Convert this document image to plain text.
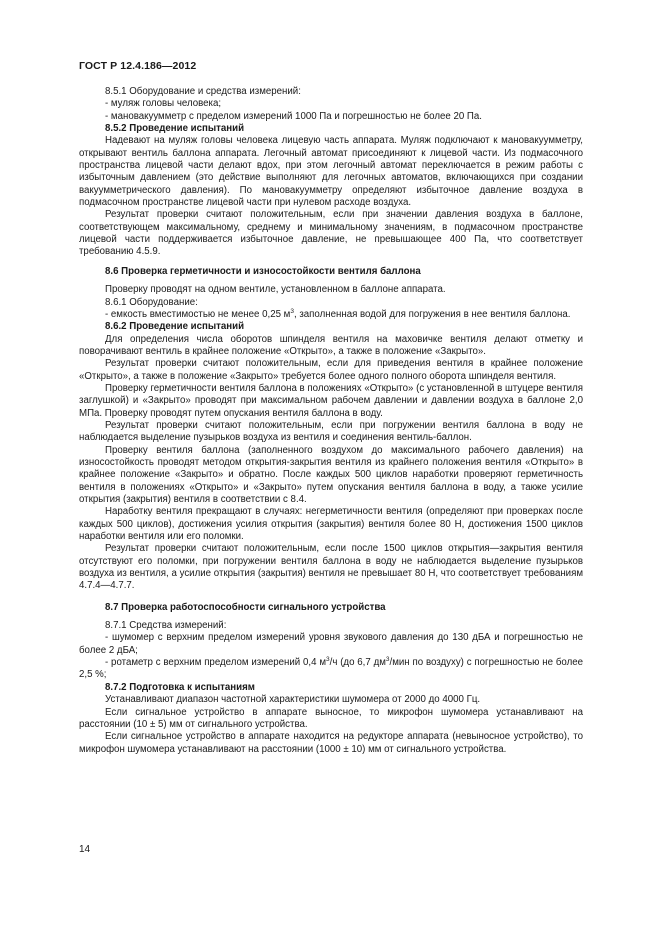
ГОСТ Р 12.4.186—2012

8.5.1 Оборудование и средства измерений:

- муляж головы человека;

- мановакуумметр с пределом измерений 1000 Па и погрешностью не более 20 Па.

8.5.2 Проведение испытаний

Надевают на муляж головы человека лицевую часть аппарата. Муляж подключают к мановакуумметру, открывают вентиль баллона аппарата. Легочный автомат присоединяют к лицевой части. Из подмасочного пространства лицевой части делают вдох, при этом легочный автомат переключается в режим работы с избыточным давлением (это действие выполняют для легочных автоматов, включающихся при создании вакуумметрического давления). По мановакуумметру определяют избыточное давление воздуха в подмасочном пространстве лицевой части при нулевом расходе воздуха.

Результат проверки считают положительным, если при значении давления воздуха в баллоне, соответствующем максимальному, среднему и минимальному значениям, в подмасочном пространстве лицевой части поддерживается избыточное давление, не превышающее 400 Па, что соответствует требованию 4.5.9.

8.6 Проверка герметичности и износостойкости вентиля баллона

Проверку проводят на одном вентиле, установленном в баллоне аппарата.

8.6.1 Оборудование:

- емкость вместимостью не менее 0,25 $м^3$, заполненная водой для погружения в нее вентиля баллона.

8.6.2 Проведение испытаний

Для определения числа оборотов шпинделя вентиля на маховичке вентиля делают отметку и поворачивают вентиль в крайнее положение «Открыто», а также в положение «Закрыто».

Результат проверки считают положительным, если для приведения вентиля в крайнее положение «Открыто», а также в положение «Закрыто» требуется более одного полного оборота шпинделя вентиля.

Проверку герметичности вентиля баллона в положениях «Открыто» (с установленной в штуцере вентиля заглушкой) и «Закрыто» проводят при максимальном рабочем давлении и давлении воздуха в баллоне 2,0 МПа. Проверку проводят путем опускания вентиля баллона в воду.

Результат проверки считают положительным, если при погружении вентиля баллона в воду не наблюдается выделение пузырьков воздуха из вентиля и соединения вентиль-баллон.

Проверку вентиля баллона (заполненного воздухом до максимального рабочего давления) на износостойкость проводят методом открытия-закрытия вентиля из крайнего положения вентиля «Открыто» в крайнее положение «Закрыто» и обратно. После каждых 500 циклов наработки проверяют герметичность вентиля в положениях «Открыто» и «Закрыто» путем опускания вентиля баллона в воду, а также усилие открытия (закрытия) вентиля в соответствии с 8.4.

Наработку вентиля прекращают в случаях: негерметичности вентиля (определяют при проверках после каждых 500 циклов), достижения усилия открытия (закрытия) вентиля более 80 Н, достижения 1500 циклов наработки вентиля или его поломки.

Результат проверки считают положительным, если после 1500 циклов открытия—закрытия вентиля отсутствуют его поломки, при погружении вентиля баллона в воду не наблюдается выделение пузырьков воздуха из вентиля, а усилие открытия (закрытия) вентиля не превышает 80 Н, что соответствует требованиям 4.7.4—4.7.7.

8.7 Проверка работоспособности сигнального устройства

8.7.1 Средства измерений:

- шумомер с верхним пределом измерений уровня звукового давления до 130 дБА и погрешностью не более 2 дБА;

- ротаметр с верхним пределом измерений 0,4 $м^3/ч$ (до 6,7 $дм^3$/мин по воздуху) с погрешностью не более 2,5 %;

8.7.2 Подготовка к испытаниям

Устанавливают диапазон частотной характеристики шумомера от 2000 до 4000 Гц.

Если сигнальное устройство в аппарате выносное, то микрофон шумомера устанавливают на расстоянии (10 ± 5) мм от сигнального устройства.

Если сигнальное устройство в аппарате находится на редукторе аппарата (невыносное устройство), то микрофон шумомера устанавливают на расстоянии (1000 ± 10) мм от сигнального устройства.

14
